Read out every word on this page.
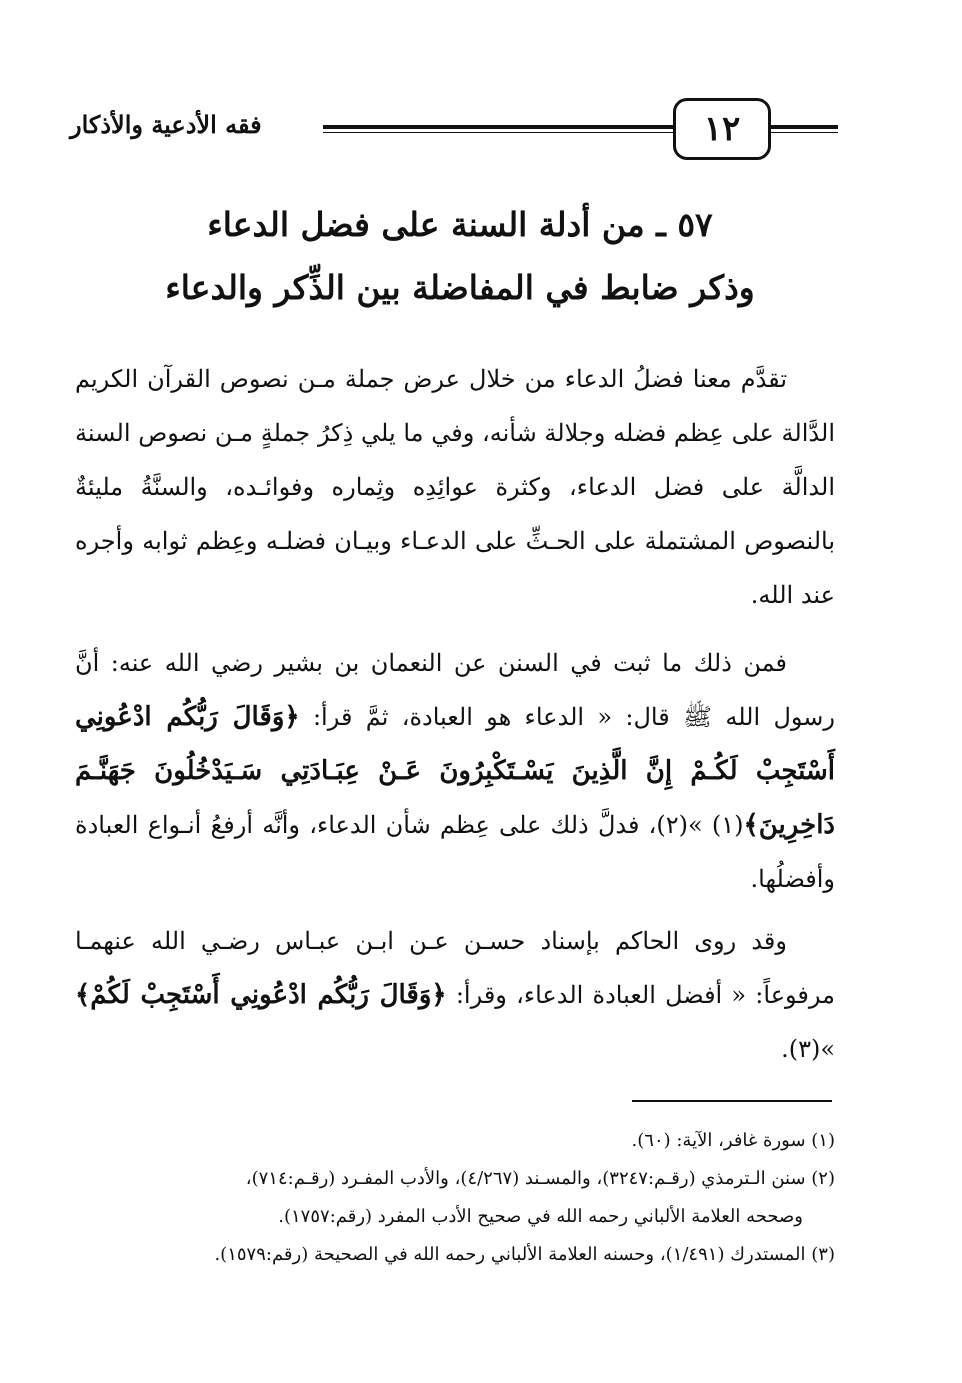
١٢
فقه الأدعية والأذكار
٥٧ ـ من أدلة السنة على فضل الدعاء
وذكر ضابط في المفاضلة بين الذِّكر والدعاء
تقدَّم معنا فضلُ الدعاء من خلال عرض جملة مـن نصوص القرآن الكريم الدَّالة على عِظم فضله وجلالة شأنه، وفي ما يلي ذِكرُ جملةٍ مـن نصوص السنة الدالَّة على فضل الدعاء، وكثرة عوائِدِه وثِماره وفوائـده، والسنَّةُ مليئةٌ بالنصوص المشتملة على الحـثِّ على الدعـاء وبيـان فضلـه وعِظم ثوابه وأجره عند الله.
فمن ذلك ما ثبت في السنن عن النعمان بن بشير رضي الله عنه: أنَّ رسول الله ﷺ قال: « الدعاء هو العبادة، ثمَّ قرأ: ﴿وَقَالَ رَبُّكُم ادْعُونِي أَسْتَجِبْ لَكُـمْ إِنَّ الَّذِينَ يَسْـتَكْبِرُونَ عَـنْ عِبَـادَتِي سَـيَدْخُلُونَ جَهَنَّـمَ دَاخِرِينَ﴾(١) »(٢)، فدلَّ ذلك على عِظم شأن الدعاء، وأنَّه أرفعُ أنـواع العبادة وأفضلُها.
وقد روى الحاكم بإسناد حسـن عـن ابـن عبـاس رضـي الله عنهمـا مرفوعاً: « أفضل العبادة الدعاء، وقرأ: ﴿وَقَالَ رَبُّكُم ادْعُونِي أَسْتَجِبْ لَكُمْ﴾ »(٣).
(١) سورة غافر، الآية: (٦٠).
(٢) سنن الـترمذي (رقـم:٣٢٤٧)، والمسـند (٤/٢٦٧)، والأدب المفـرد (رقـم:٧١٤)،
وصححه العلامة الألباني رحمه الله في صحيح الأدب المفرد (رقم:١٧٥٧).
(٣) المستدرك (١/٤٩١)، وحسنه العلامة الألباني رحمه الله في الصحيحة (رقم:١٥٧٩).
